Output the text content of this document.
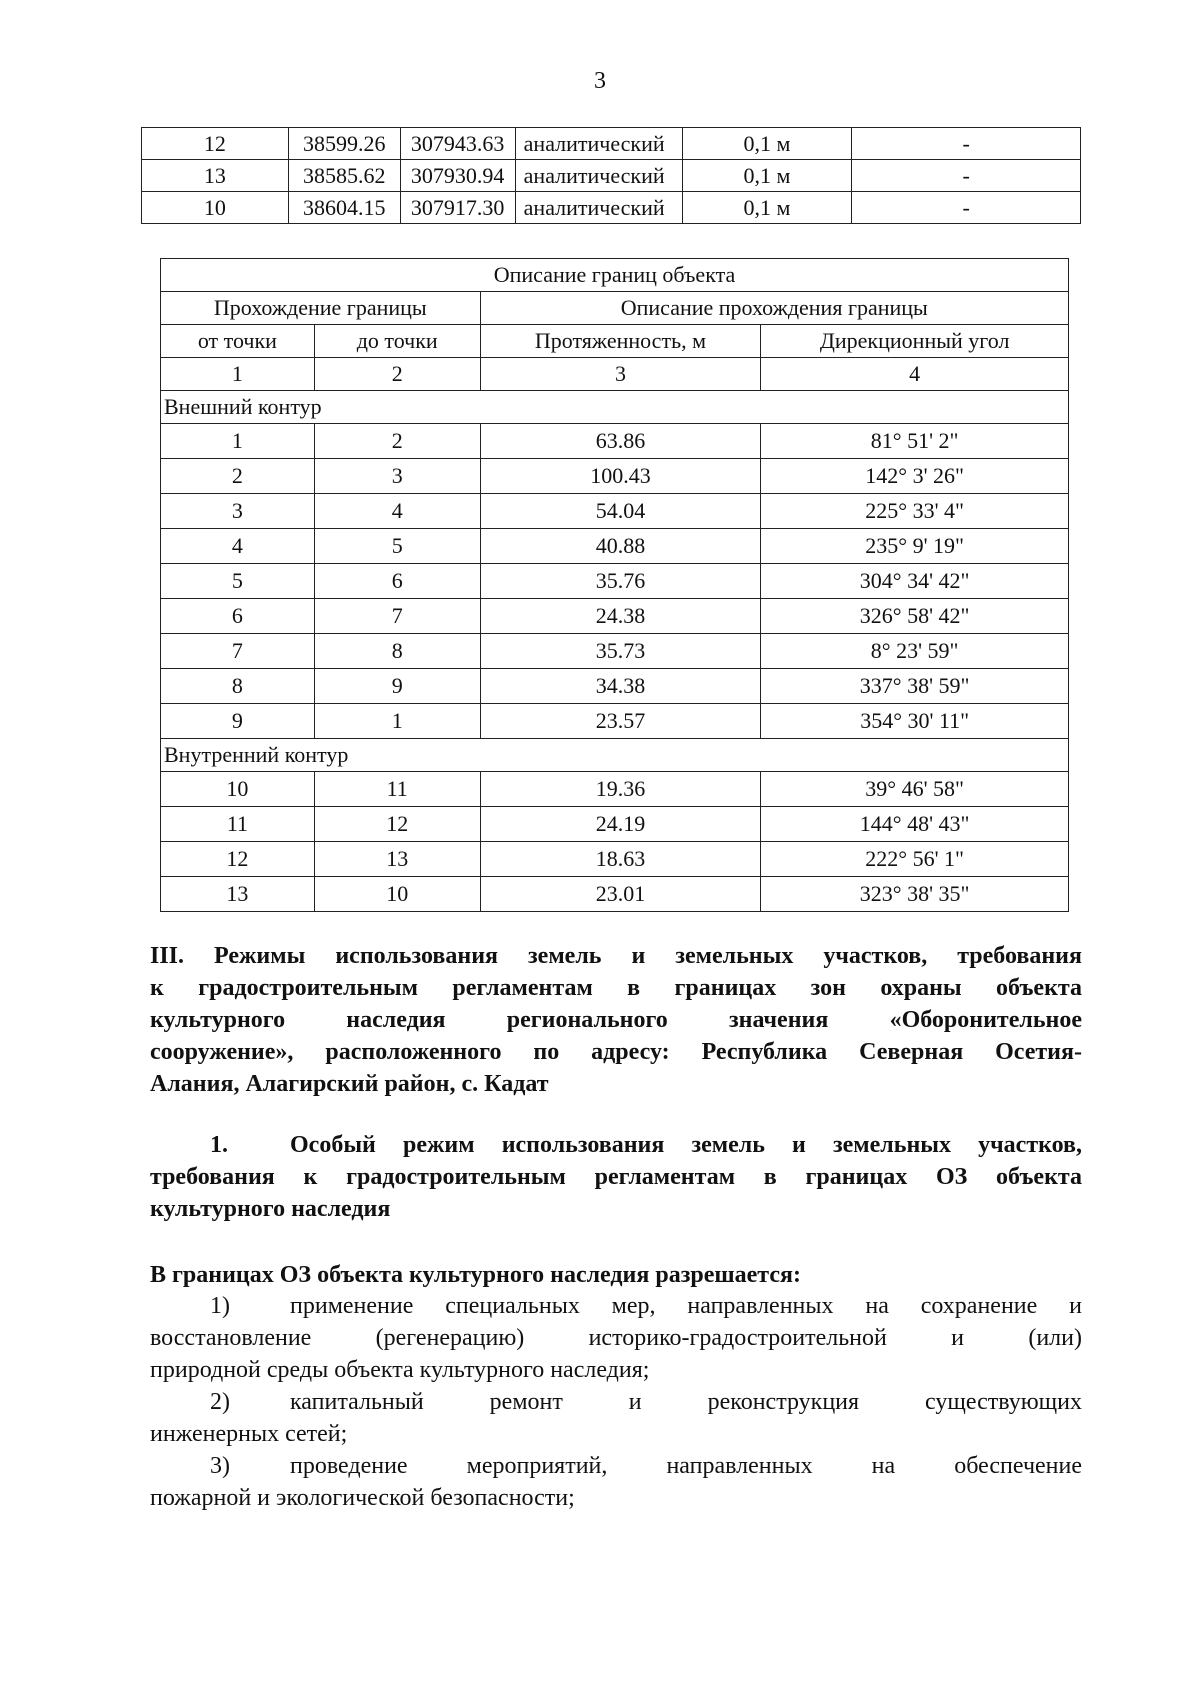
3
12	38599.26	307943.63	аналитический	0,1 м	-
13	38585.62	307930.94	аналитический	0,1 м	-
10	38604.15	307917.30	аналитический	0,1 м	-
Описание границ объекта			
Прохождение границы		Описание прохождения границы	
от точки	до точки	Протяженность, м	Дирекционный угол
1	2	3	4
Внешний контур			
1	2	63.86	81° 51' 2"
2	3	100.43	142° 3' 26"
3	4	54.04	225° 33' 4"
4	5	40.88	235° 9' 19"
5	6	35.76	304° 34' 42"
6	7	24.38	326° 58' 42"
7	8	35.73	8° 23' 59"
8	9	34.38	337° 38' 59"
9	1	23.57	354° 30' 11"
Внутренний контур			
10	11	19.36	39° 46' 58"
11	12	24.19	144° 48' 43"
12	13	18.63	222° 56' 1"
13	10	23.01	323° 38' 35"
III. Режимы использования земель и земельных участков, требования
к градостроительным регламентам в границах зон охраны объекта
культурного наследия регионального значения «Оборонительное
сооружение», расположенного по адресу: Республика Северная Осетия-
Алания, Алагирский район, с. Кадат
1.	Особый режим использования земель и земельных участков,
требования к градостроительным регламентам в границах ОЗ объекта
культурного наследия
В границах ОЗ объекта культурного наследия разрешается:
1)	применение специальных мер, направленных на сохранение и
восстановление (регенерацию) историко-градостроительной и (или)
природной среды объекта культурного наследия;
2)	капитальный ремонт и реконструкция существующих
инженерных сетей;
3)	проведение мероприятий, направленных на обеспечение
пожарной и экологической безопасности;
